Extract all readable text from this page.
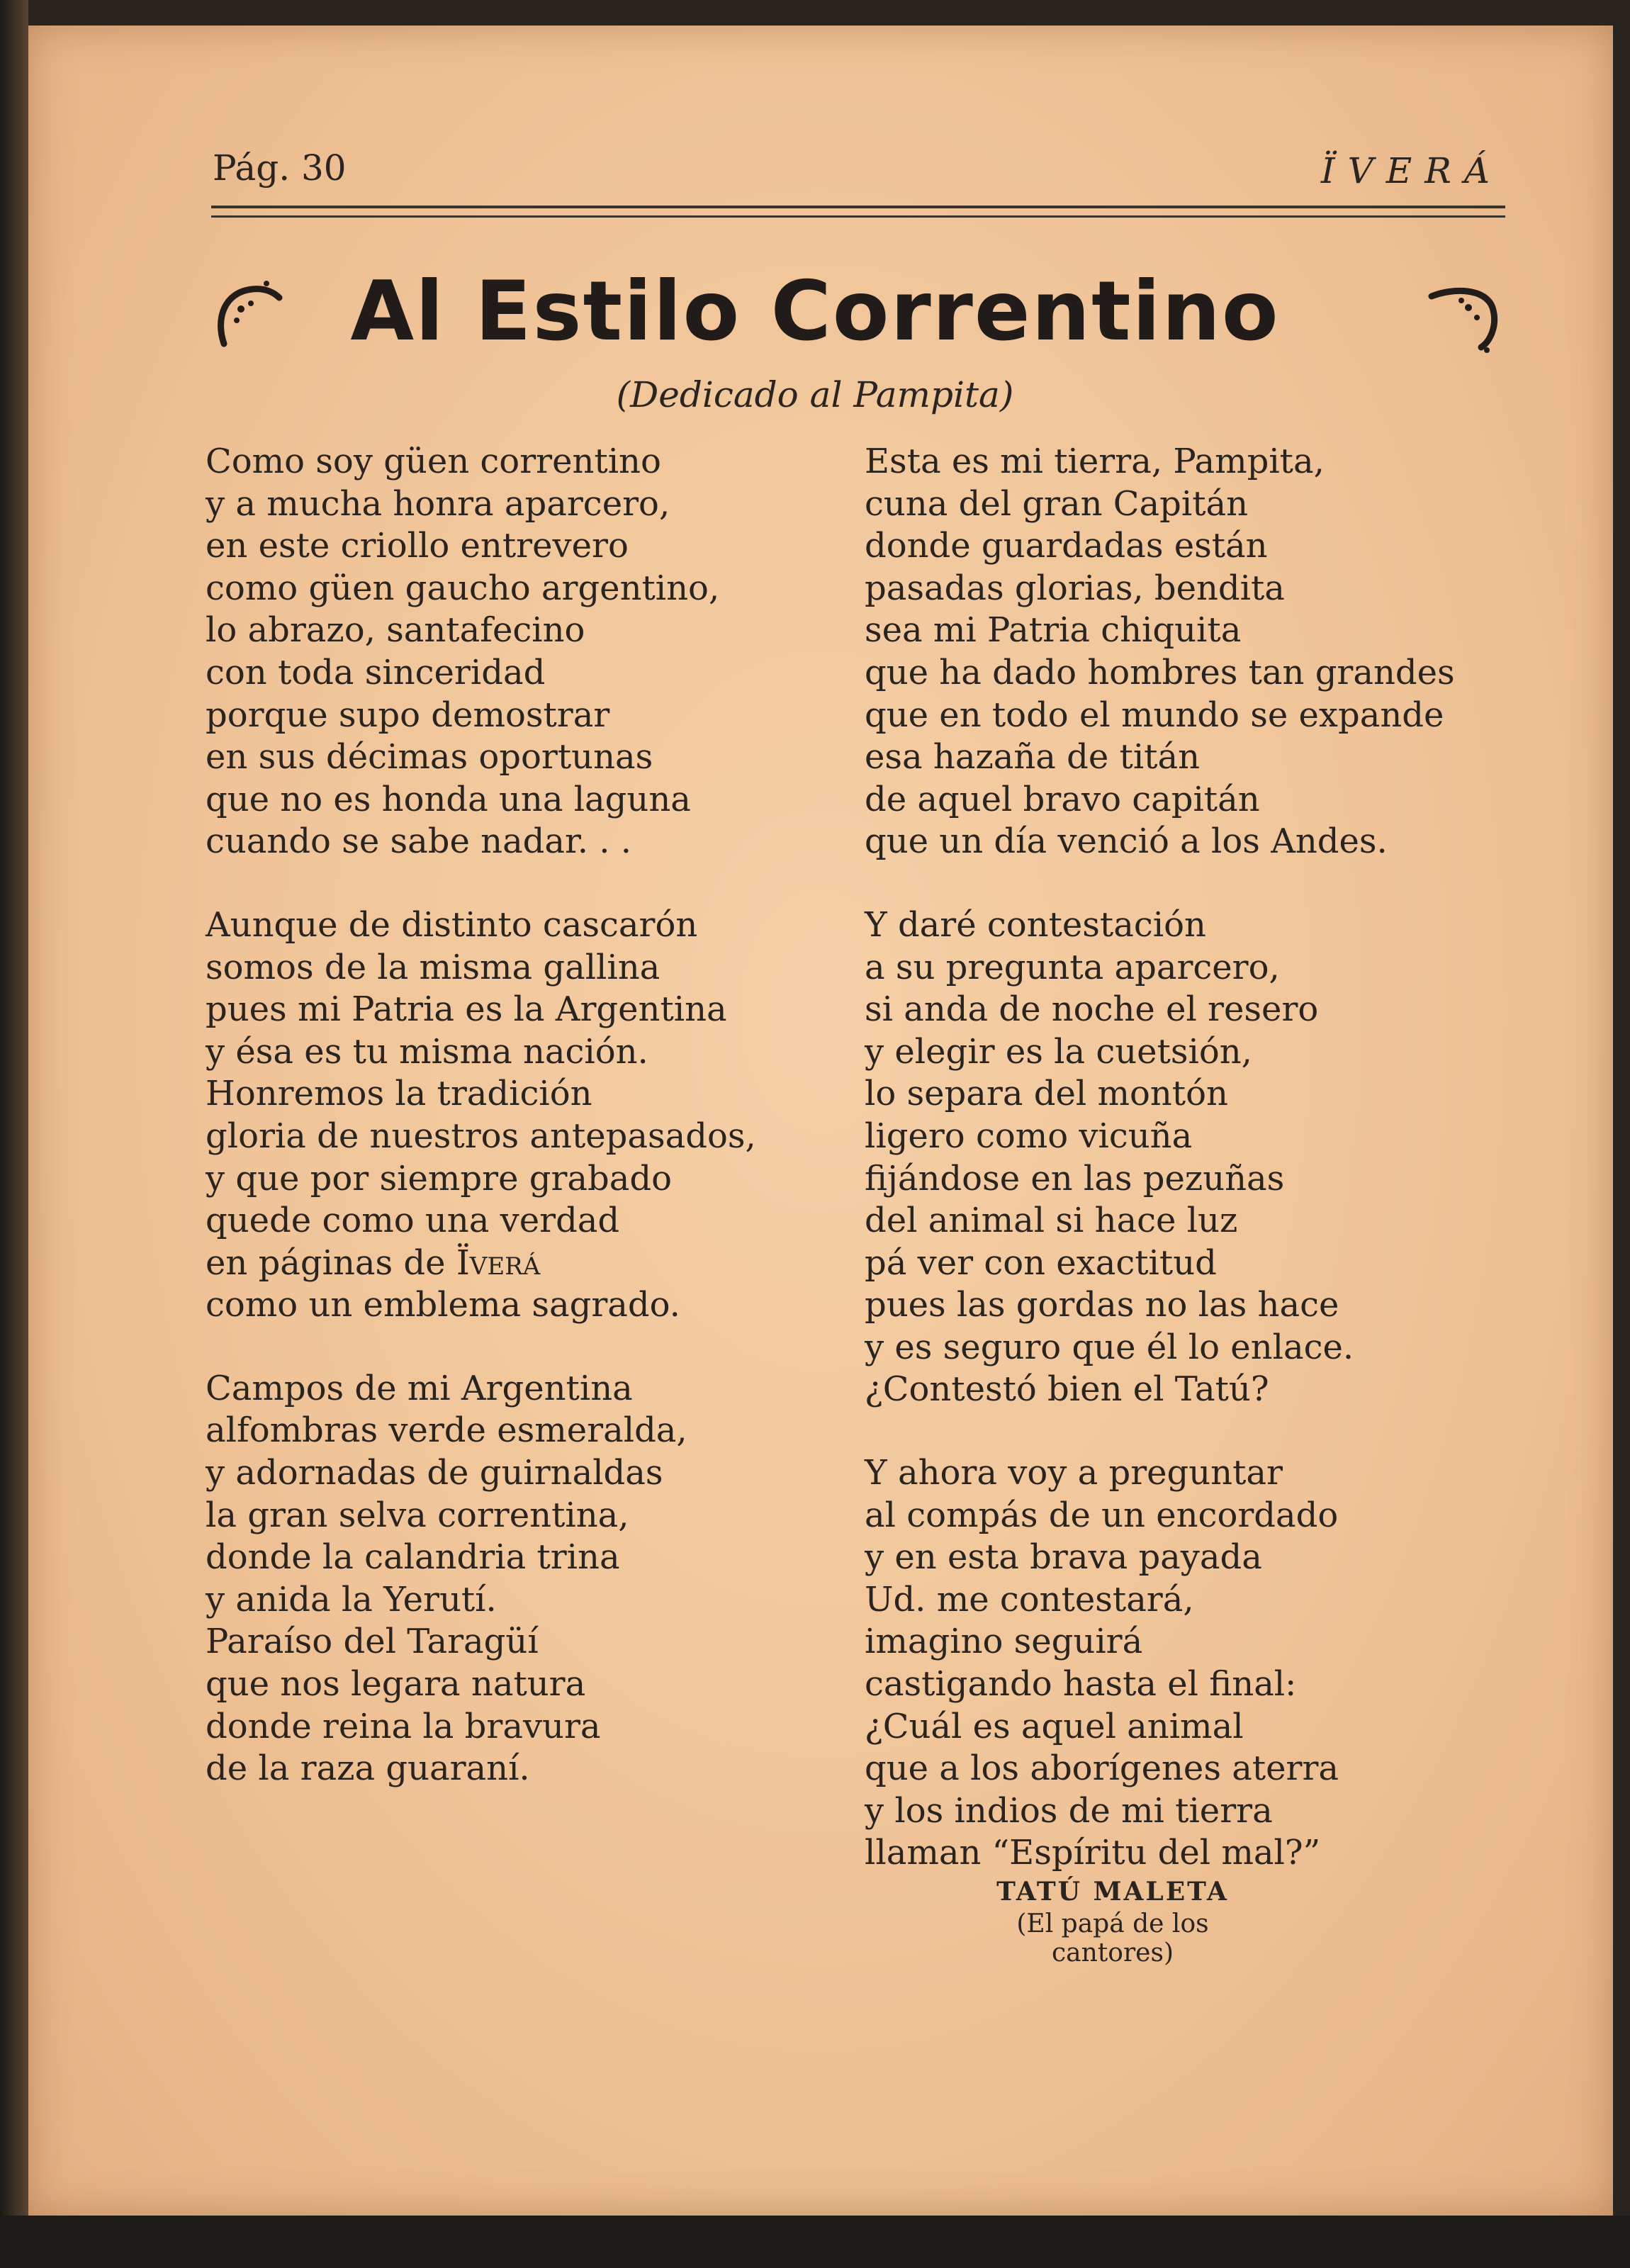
Pág. 30	ÏVERÁ
Al Estilo Correntino
(Dedicado al Pampita)
Como soy güen correntino
y a mucha honra aparcero,
en este criollo entrevero
como güen gaucho argentino,
lo abrazo, santafecino
con toda sinceridad
porque supo demostrar
en sus décimas oportunas
que no es honda una laguna
cuando se sabe nadar. . .
Aunque de distinto cascarón
somos de la misma gallina
pues mi Patria es la Argentina
y ésa es tu misma nación.
Honremos la tradición
gloria de nuestros antepasados,
y que por siempre grabado
quede como una verdad
en páginas de Ïverá
como un emblema sagrado.
Campos de mi Argentina
alfombras verde esmeralda,
y adornadas de guirnaldas
la gran selva correntina,
donde la calandria trina
y anida la Yerutí.
Paraíso del Taragüí
que nos legara natura
donde reina la bravura
de la raza guaraní.
Esta es mi tierra, Pampita,
cuna del gran Capitán
donde guardadas están
pasadas glorias, bendita
sea mi Patria chiquita
que ha dado hombres tan grandes
que en todo el mundo se expande
esa hazaña de titán
de aquel bravo capitán
que un día venció a los Andes.
Y daré contestación
a su pregunta aparcero,
si anda de noche el resero
y elegir es la cuetsión,
lo separa del montón
ligero como vicuña
fijándose en las pezuñas
del animal si hace luz
pá ver con exactitud
pues las gordas no las hace
y es seguro que él lo enlace.
¿Contestó bien el Tatú?
Y ahora voy a preguntar
al compás de un encordado
y en esta brava payada
Ud. me contestará,
imagino seguirá
castigando hasta el final:
¿Cuál es aquel animal
que a los aborígenes aterra
y los indios de mi tierra
llaman “Espíritu del mal?”
TATÚ MALETA
(El papá de los cantores)
